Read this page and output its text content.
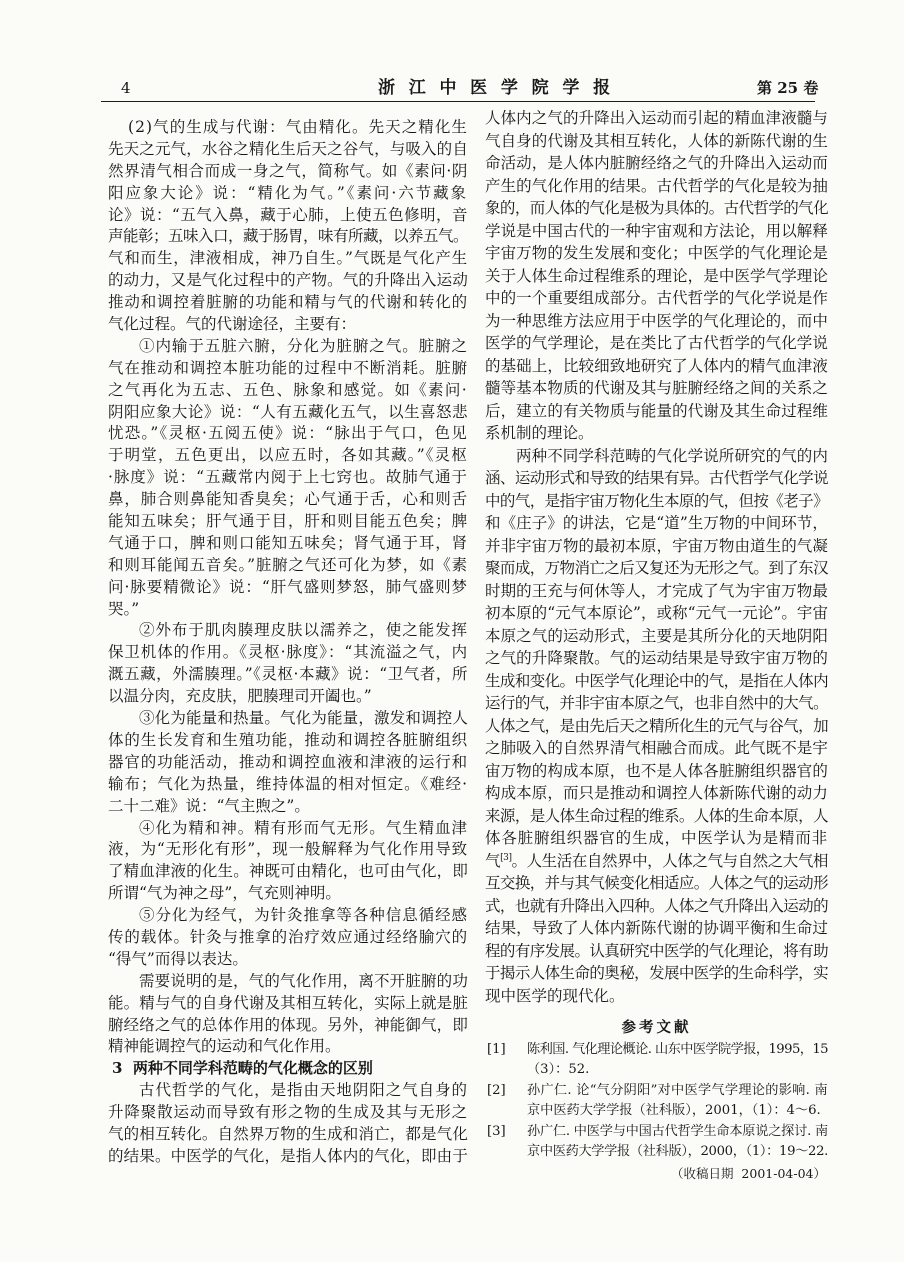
4	浙 江 中 医 学 院 学 报	第 25 卷
(2)气的生成与代谢：气由精化。先天之精化生
先天之元气，水谷之精化生后天之谷气，与吸入的自
然界清气相合而成一身之气，简称气。如《素问·阴
阳应象大论》说：“精化为气。”《素问·六节藏象
论》说：“五气入鼻，藏于心肺，上使五色修明，音
声能彰；五味入口，藏于肠胃，味有所藏，以养五气。
气和而生，津液相成，神乃自生。”气既是气化产生
的动力，又是气化过程中的产物。气的升降出入运动
推动和调控着脏腑的功能和精与气的代谢和转化的
气化过程。气的代谢途径，主要有：
①内输于五脏六腑，分化为脏腑之气。脏腑之
气在推动和调控本脏功能的过程中不断消耗。脏腑
之气再化为五志、五色、脉象和感觉。如《素问·
阴阳应象大论》说：“人有五藏化五气，以生喜怒悲
忧恐。”《灵枢·五阅五使》说：“脉出于气口，色见
于明堂，五色更出，以应五时，各如其藏。”《灵枢
·脉度》说：“五藏常内阅于上七窍也。故肺气通于
鼻，肺合则鼻能知香臭矣；心气通于舌，心和则舌
能知五味矣；肝气通于目，肝和则目能五色矣；脾
气通于口，脾和则口能知五味矣；肾气通于耳，肾
和则耳能闻五音矣。”脏腑之气还可化为梦，如《素
问·脉要精微论》说：“肝气盛则梦怒，肺气盛则梦
哭。”
②外布于肌肉腠理皮肤以濡养之，使之能发挥
保卫机体的作用。《灵枢·脉度》：“其流溢之气，内
溉五藏，外濡腠理。”《灵枢·本藏》说：“卫气者，所
以温分肉，充皮肤，肥腠理司开阖也。”
③化为能量和热量。气化为能量，激发和调控人
体的生长发育和生殖功能，推动和调控各脏腑组织
器官的功能活动，推动和调控血液和津液的运行和
输布；气化为热量，维持体温的相对恒定。《难经·
二十二难》说：“气主煦之”。
④化为精和神。精有形而气无形。气生精血津
液，为“无形化有形”，现一般解释为气化作用导致
了精血津液的化生。神既可由精化，也可由气化，即
所谓“气为神之母”，气充则神明。
⑤分化为经气，为针灸推拿等各种信息循经感
传的载体。针灸与推拿的治疗效应通过经络腧穴的
“得气”而得以表达。
需要说明的是，气的气化作用，离不开脏腑的功
能。精与气的自身代谢及其相互转化，实际上就是脏
腑经络之气的总体作用的体现。另外，神能御气，即
精神能调控气的运动和气化作用。
3  两种不同学科范畴的气化概念的区别
古代哲学的气化，是指由天地阴阳之气自身的
升降聚散运动而导致有形之物的生成及其与无形之
气的相互转化。自然界万物的生成和消亡，都是气化
的结果。中医学的气化，是指人体内的气化，即由于
人体内之气的升降出入运动而引起的精血津液髓与
气自身的代谢及其相互转化，人体的新陈代谢的生
命活动，是人体内脏腑经络之气的升降出入运动而
产生的气化作用的结果。古代哲学的气化是较为抽
象的，而人体的气化是极为具体的。古代哲学的气化
学说是中国古代的一种宇宙观和方法论，用以解释
宇宙万物的发生发展和变化；中医学的气化理论是
关于人体生命过程维系的理论，是中医学气学理论
中的一个重要组成部分。古代哲学的气化学说是作
为一种思维方法应用于中医学的气化理论的，而中
医学的气学理论，是在类比了古代哲学的气化学说
的基础上，比较细致地研究了人体内的精气血津液
髓等基本物质的代谢及其与脏腑经络之间的关系之
后，建立的有关物质与能量的代谢及其生命过程维
系机制的理论。
两种不同学科范畴的气化学说所研究的气的内
涵、运动形式和导致的结果有异。古代哲学气化学说
中的气，是指宇宙万物化生本原的气，但按《老子》
和《庄子》的讲法，它是“道”生万物的中间环节，
并非宇宙万物的最初本原，宇宙万物由道生的气凝
聚而成，万物消亡之后又复还为无形之气。到了东汉
时期的王充与何休等人，才完成了气为宇宙万物最
初本原的“元气本原论”，或称“元气一元论”。宇宙
本原之气的运动形式，主要是其所分化的天地阴阳
之气的升降聚散。气的运动结果是导致宇宙万物的
生成和变化。中医学气化理论中的气，是指在人体内
运行的气，并非宇宙本原之气，也非自然中的大气。
人体之气，是由先后天之精所化生的元气与谷气，加
之肺吸入的自然界清气相融合而成。此气既不是宇
宙万物的构成本原，也不是人体各脏腑组织器官的
构成本原，而只是推动和调控人体新陈代谢的动力
来源，是人体生命过程的维系。人体的生命本原，人
体各脏腑组织器官的生成，中医学认为是精而非
气[3]。人生活在自然界中，人体之气与自然之大气相
互交换，并与其气候变化相适应。人体之气的运动形
式，也就有升降出入四种。人体之气升降出入运动的
结果，导致了人体内新陈代谢的协调平衡和生命过
程的有序发展。认真研究中医学的气化理论，将有助
于揭示人体生命的奥秘，发展中医学的生命科学，实
现中医学的现代化。
参考文献
[1] 陈利国. 气化理论概论. 山东中医学院学报，1995，15
（3）：52.
[2] 孙广仁. 论“气分阴阳”对中医学气学理论的影响. 南
京中医药大学学报（社科版），2001，（1）：4～6.
[3] 孙广仁. 中医学与中国古代哲学生命本原说之探讨. 南
京中医药大学学报（社科版），2000，（1）：19～22.
（收稿日期  2001-04-04）
